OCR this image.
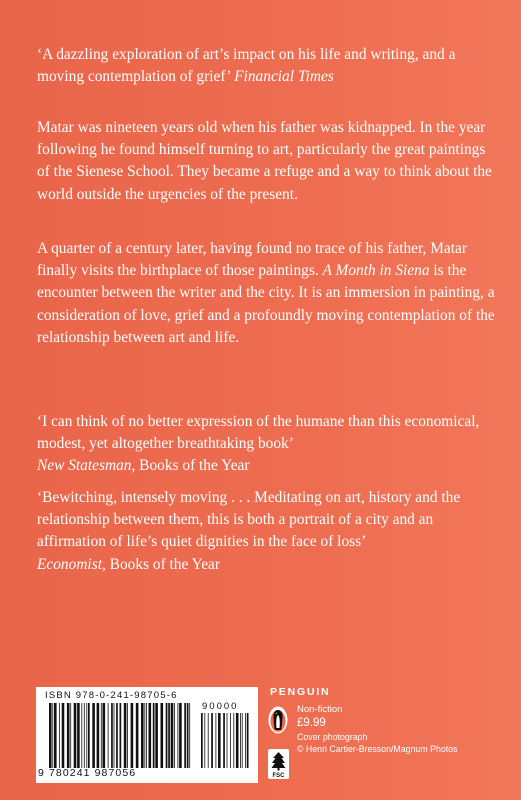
‘A dazzling exploration of art’s impact on his life and writing, and a moving contemplation of grief’ Financial Times

Matar was nineteen years old when his father was kidnapped. In the year following he found himself turning to art, particularly the great paintings of the Sienese School. They became a refuge and a way to think about the world outside the urgencies of the present.

A quarter of a century later, having found no trace of his father, Matar finally visits the birthplace of those paintings. A Month in Siena is the encounter between the writer and the city. It is an immersion in painting, a consideration of love, grief and a profoundly moving contemplation of the relationship between art and life.

‘I can think of no better expression of the humane than this economical, modest, yet altogether breathtaking book’
New Statesman, Books of the Year

‘Bewitching, intensely moving . . . Meditating on art, history and the relationship between them, this is both a portrait of a city and an affirmation of life’s quiet dignities in the face of loss’
Economist, Books of the Year

ISBN 978-0-241-98705-6
90000
9 780241 987056
PENGUIN
FSC
Non-fiction
£9.99
Cover photograph
© Henri Cartier-Bresson/Magnum Photos
